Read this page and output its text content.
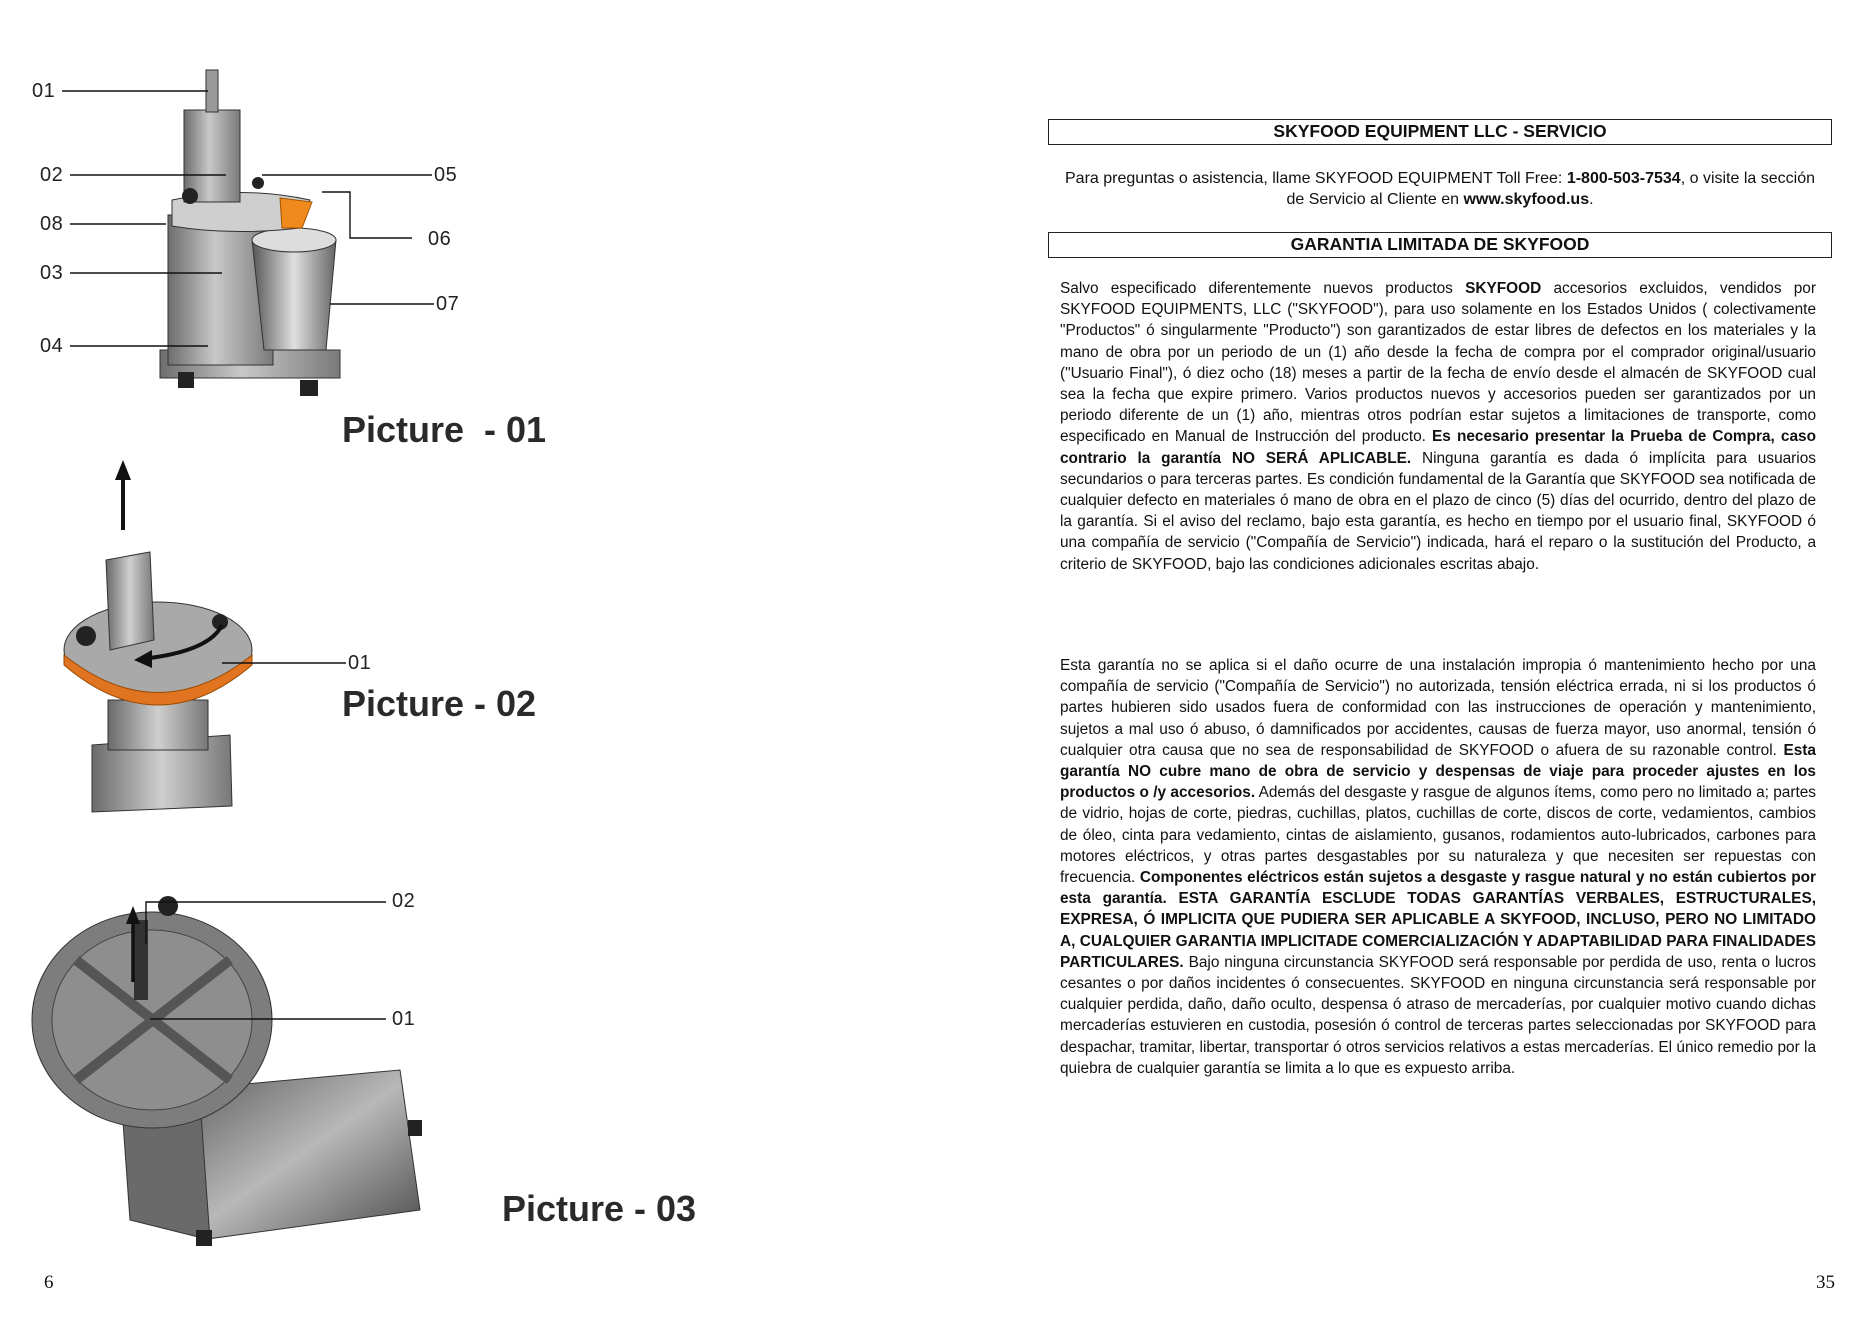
01
02
08
03
04
05
06
07
Picture  - 01
01
Picture - 02
02
01
Picture - 03
6
SKYFOOD EQUIPMENT LLC - SERVICIO
Para preguntas o asistencia, llame SKYFOOD EQUIPMENT Toll Free: 1-800-503-7534, o visite la sección de Servicio al Cliente en www.skyfood.us.
GARANTIA LIMITADA DE SKYFOOD
Salvo especificado diferentemente nuevos productos SKYFOOD accesorios excluidos, vendidos por SKYFOOD EQUIPMENTS, LLC ("SKYFOOD"), para uso solamente en los Estados Unidos ( colectivamente "Productos" ó singularmente "Producto") son garantizados de estar libres de defectos en los materiales y la mano de obra por un periodo de un (1) año desde la fecha de compra por el comprador original/usuario ("Usuario Final"), ó diez ocho (18) meses a partir de la fecha de envío desde el almacén de SKYFOOD cual sea la fecha que expire primero. Varios productos nuevos y accesorios pueden ser garantizados por un periodo diferente de un (1) año, mientras otros podrían estar sujetos a limitaciones de transporte, como especificado en Manual de Instrucción del producto. Es necesario presentar la Prueba de Compra, caso contrario la garantía NO SERÁ APLICABLE. Ninguna garantía es dada ó implícita para usuarios secundarios o para terceras partes. Es condición fundamental de la Garantía que SKYFOOD sea notificada de cualquier defecto en materiales ó mano de obra en el plazo de cinco (5) días del ocurrido, dentro del plazo de la garantía. Si el aviso del reclamo, bajo esta garantía, es hecho en tiempo por el usuario final, SKYFOOD ó una compañía de servicio ("Compañía de Servicio") indicada, hará el reparo o la sustitución del Producto, a criterio de SKYFOOD, bajo las condiciones adicionales escritas abajo.
Esta garantía no se aplica si el daño ocurre de una instalación impropia ó mantenimiento hecho por una compañía de servicio ("Compañía de Servicio") no autorizada, tensión eléctrica errada, ni si los productos ó partes hubieren sido usados fuera de conformidad con las instrucciones de operación y mantenimiento, sujetos a mal uso ó abuso, ó damnificados por accidentes, causas de fuerza mayor, uso anormal, tensión ó cualquier otra causa que no sea de responsabilidad de SKYFOOD o afuera de su razonable control. Esta garantía NO cubre mano de obra de servicio y despensas de viaje para proceder ajustes en los productos o /y accesorios. Además del desgaste y rasgue de algunos ítems, como pero no limitado a; partes de vidrio, hojas de corte, piedras, cuchillas, platos, cuchillas de corte, discos de corte, vedamientos, cambios de óleo, cinta para vedamiento, cintas de aislamiento, gusanos, rodamientos auto-lubricados, carbones para motores eléctricos, y otras partes desgastables por su naturaleza y que necesiten ser repuestas con frecuencia. Componentes eléctricos están sujetos a desgaste y rasgue natural y no están cubiertos por esta garantía. ESTA GARANTÍA ESCLUDE TODAS GARANTÍAS VERBALES, ESTRUCTURALES, EXPRESA, Ó IMPLICITA QUE PUDIERA SER APLICABLE A SKYFOOD, INCLUSO, PERO NO LIMITADO A, CUALQUIER GARANTIA IMPLICITADE COMERCIALIZACIÓN Y ADAPTABILIDAD PARA FINALIDADES PARTICULARES. Bajo ninguna circunstancia SKYFOOD será responsable por perdida de uso, renta o lucros cesantes o por daños incidentes ó consecuentes. SKYFOOD en ninguna circunstancia será responsable por cualquier perdida, daño, daño oculto, despensa ó atraso de mercaderías, por cualquier motivo cuando dichas mercaderías estuvieren en custodia, posesión ó control de terceras partes seleccionadas por SKYFOOD para despachar, tramitar, libertar, transportar ó otros servicios relativos a estas mercaderías. El único remedio por la quiebra de cualquier garantía se limita a lo que es expuesto arriba.
35
